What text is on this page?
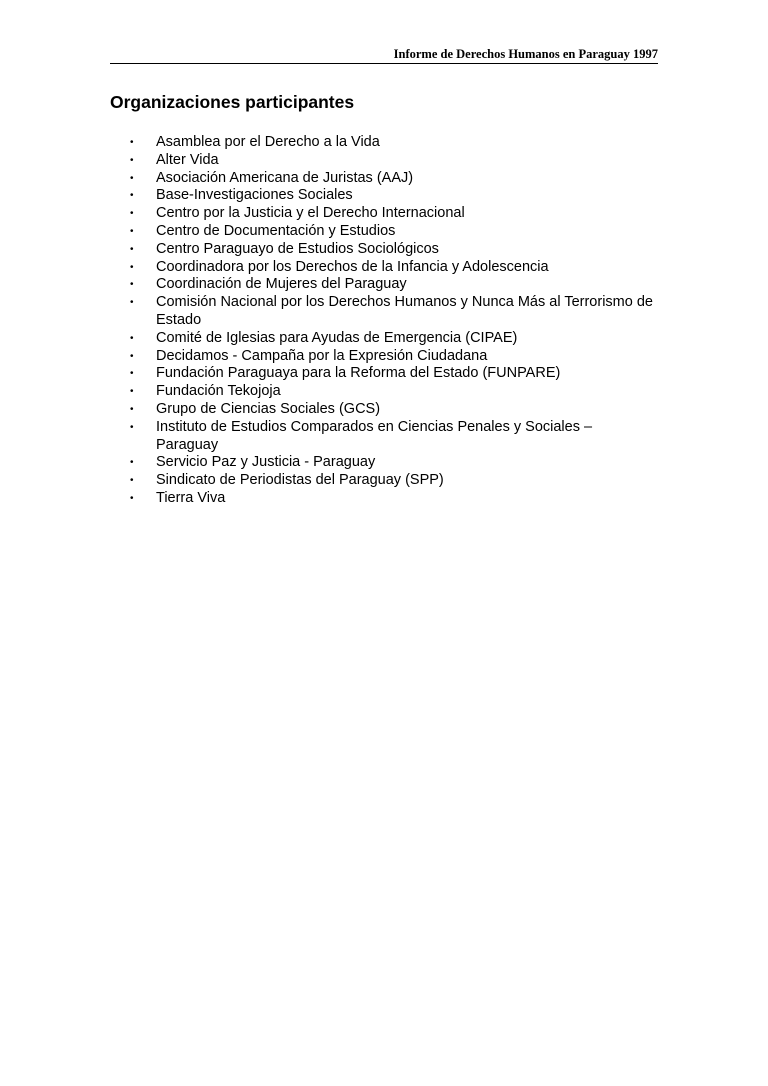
Informe de Derechos Humanos en Paraguay 1997
Organizaciones participantes
• Asamblea por el Derecho a la Vida
• Alter Vida
• Asociación Americana de Juristas (AAJ)
• Base-Investigaciones Sociales
• Centro por la Justicia y el Derecho Internacional
• Centro de Documentación y Estudios
• Centro Paraguayo de Estudios Sociológicos
• Coordinadora por los Derechos de la Infancia y Adolescencia
• Coordinación de Mujeres del Paraguay
• Comisión Nacional por los Derechos Humanos y Nunca Más al Terrorismo de Estado
• Comité de Iglesias para Ayudas de Emergencia (CIPAE)
• Decidamos - Campaña por la Expresión Ciudadana
• Fundación Paraguaya para la Reforma del Estado (FUNPARE)
• Fundación Tekojoja
• Grupo de Ciencias Sociales (GCS)
• Instituto de Estudios Comparados en Ciencias Penales y Sociales – Paraguay
• Servicio Paz y Justicia - Paraguay
• Sindicato de Periodistas del Paraguay (SPP)
• Tierra Viva
